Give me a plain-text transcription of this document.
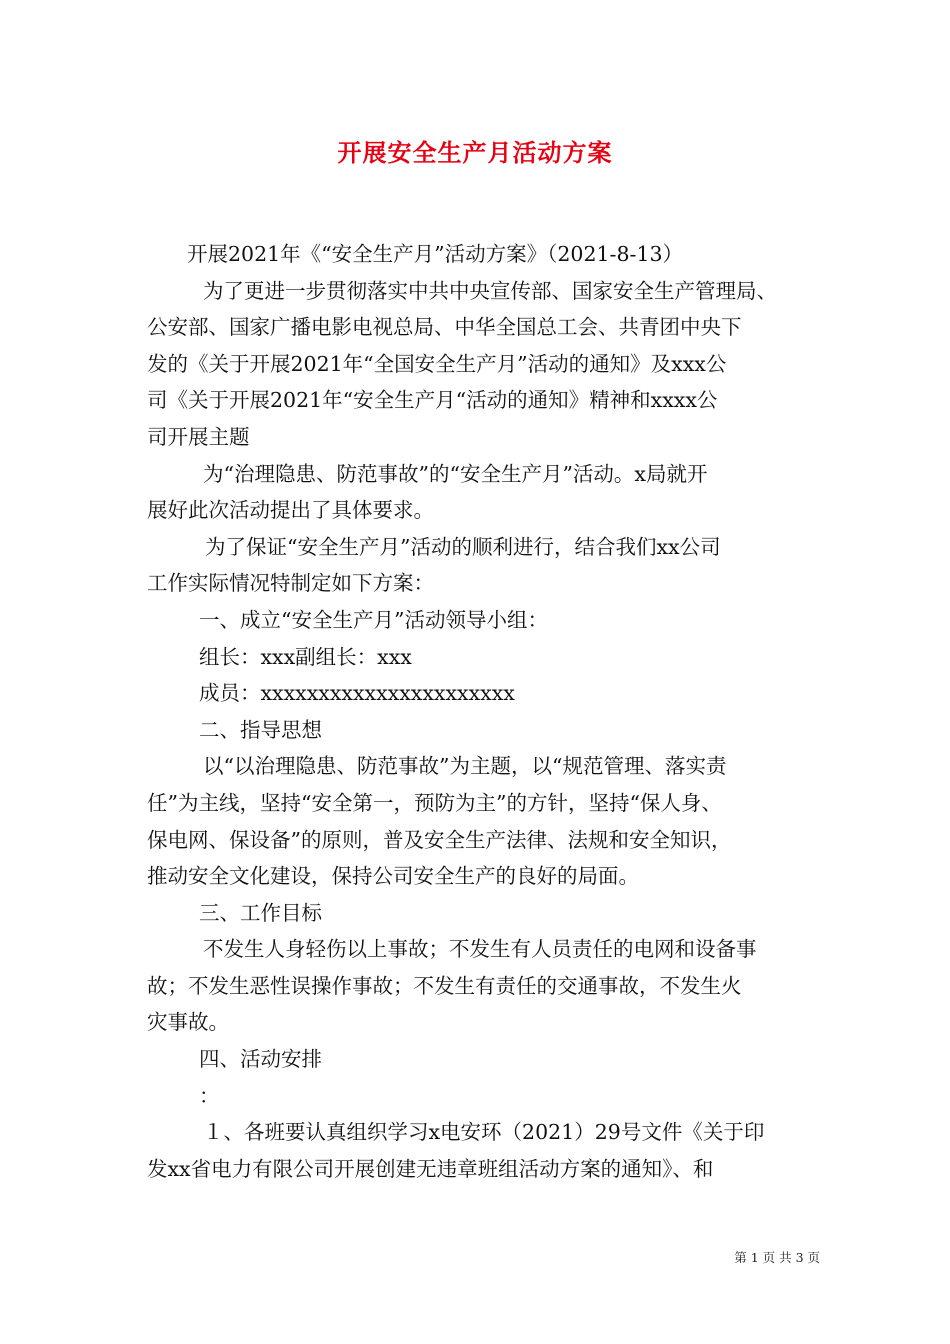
开展安全生产月活动方案

开展2021年《“安全生产月”活动方案》（2021-8-13）

为了更进一步贯彻落实中共中央宣传部、国家安全生产管理局、

公安部、国家广播电影电视总局、中华全国总工会、共青团中央下

发的《关于开展2021年“全国安全生产月”活动的通知》及xxx公

司《关于开展2021年“安全生产月“活动的通知》精神和xxxx公

司开展主题

为“治理隐患、防范事故”的“安全生产月”活动。x局就开

展好此次活动提出了具体要求。

为了保证“安全生产月”活动的顺利进行，结合我们xx公司

工作实际情况特制定如下方案：

一、成立“安全生产月”活动领导小组：

组长：xxx副组长：xxx

成员：xxxxxxxxxxxxxxxxxxxxxx

二、指导思想

以“以治理隐患、防范事故”为主题，以“规范管理、落实责

任”为主线，坚持“安全第一，预防为主”的方针，坚持“保人身、

保电网、保设备”的原则，普及安全生产法律、法规和安全知识，

推动安全文化建设，保持公司安全生产的良好的局面。

三、工作目标

不发生人身轻伤以上事故；不发生有人员责任的电网和设备事

故；不发生恶性误操作事故；不发生有责任的交通事故，不发生火

灾事故。

四、活动安排

：

１、各班要认真组织学习x电安环（2021）29号文件《关于印

发xx省电力有限公司开展创建无违章班组活动方案的通知》、和

第 1 页 共 3 页
